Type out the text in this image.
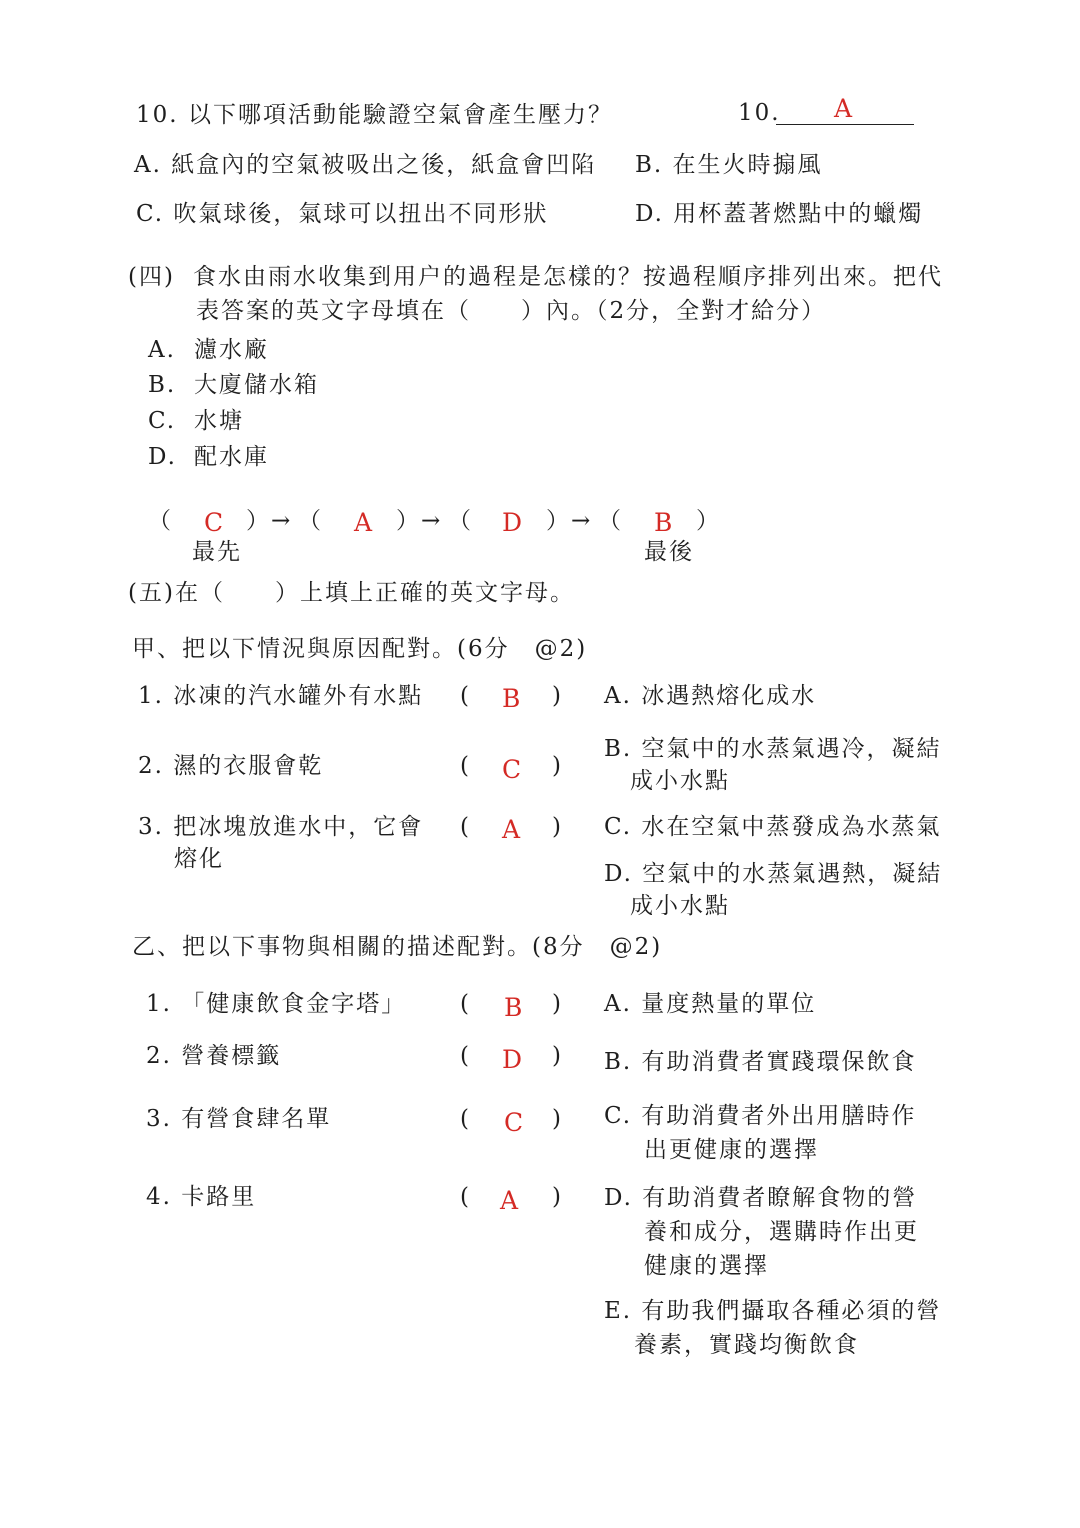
10. 以下哪項活動能驗證空氣會產生壓力？	10. A
A. 紙盒內的空氣被吸出之後，紙盒會凹陷 B. 在生火時搧風
C. 吹氣球後，氣球可以扭出不同形狀	D. 用杯蓋著燃點中的蠟燭
(四) 食水由雨水收集到用户的過程是怎樣的？按過程順序排列出來。把代
表答案的英文字母填在（　　）內。（2分，全對才給分）
A. 濾水廠
B. 大廈儲水箱
C. 水塘
D. 配水庫
（ C ）→ （ A ）→ （ D ）→ （ B ）
最先	最後
(五)在（　　）上填上正確的英文字母。
甲、把以下情況與原因配對。(6分　@2)
1. 冰凍的汽水罐外有水點 ( B )
2. 濕的衣服會乾	( C )
3. 把冰塊放進水中，它會
熔化
( A )
A. 冰遇熱熔化成水
B. 空氣中的水蒸氣遇冷，凝結
成小水點
C. 水在空氣中蒸發成為水蒸氣
D. 空氣中的水蒸氣遇熱，凝結
成小水點
乙、把以下事物與相關的描述配對。(8分　@2)
1. 「健康飲食金字塔」 ( B )
2. 營養標籤	( D )
3. 有營食肆名單	( C )
4. 卡路里	( A )
A. 量度熱量的單位
B. 有助消費者實踐環保飲食
C. 有助消費者外出用膳時作
出更健康的選擇
D. 有助消費者瞭解食物的營
養和成分，選購時作出更
健康的選擇
E. 有助我們攝取各種必須的營
養素，實踐均衡飲食
